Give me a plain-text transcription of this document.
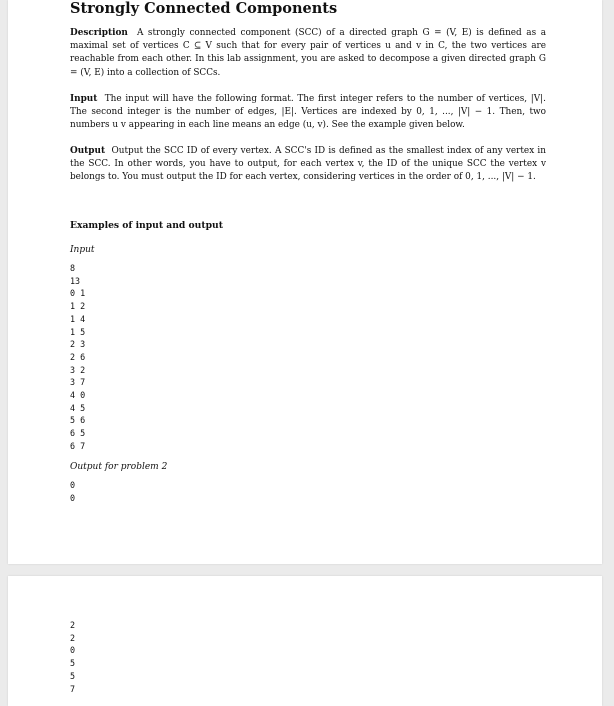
Strongly Connected Components
Description A strongly connected component (SCC) of a directed graph G = (V, E) is defined as a maximal set of vertices C ⊆ V such that for every pair of vertices u and v in C, the two vertices are reachable from each other. In this lab assignment, you are asked to decompose a given directed graph G = (V, E) into a collection of SCCs.
Input The input will have the following format. The first integer refers to the number of vertices, |V|. The second integer is the number of edges, |E|. Vertices are indexed by 0, 1, ..., |V| − 1. Then, two numbers u v appearing in each line means an edge (u, v). See the example given below.
Output Output the SCC ID of every vertex. A SCC's ID is defined as the smallest index of any vertex in the SCC. In other words, you have to output, for each vertex v, the ID of the unique SCC the vertex v belongs to. You must output the ID for each vertex, considering vertices in the order of 0, 1, ..., |V| − 1.
Examples of input and output
Input
8
13
0 1
1 2
1 4
1 5
2 3
2 6
3 2
3 7
4 0
4 5
5 6
6 5
6 7
Output for problem 2
0
0
2
2
0
5
5
7
